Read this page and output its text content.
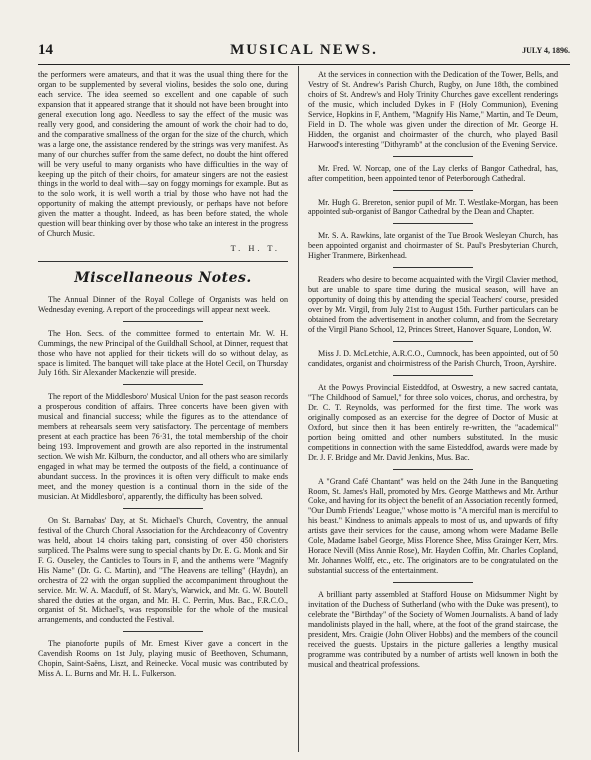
14	MUSICAL NEWS.	JULY 4, 1896.

the performers were amateurs, and that it was the usual thing there for the organ to be supplemented by several violins, besides the solo one, during each service. The idea seemed so excellent and one capable of such expansion that it appeared strange that it should not have been brought into general execution long ago. Needless to say the effect of the music was really very good, and considering the amount of work the choir had to do, and the comparative smallness of the organ for the size of the church, which was a large one, the assistance rendered by the strings was very manifest. As many of our churches suffer from the same defect, no doubt the hint offered will be very useful to many organists who have difficulties in the way of keeping up the pitch of their choirs, for amateur singers are not the easiest things in the world to deal with—say on foggy mornings for example. But as to the solo work, it is well worth a trial by those who have not had the opportunity of making the attempt previously, or perhaps have not before given the matter a thought. Indeed, as has been before stated, the whole question will bear thinking over by those who take an interest in the progress of Church Music.

T. H. T.
Miscellaneous Notes.

The Annual Dinner of the Royal College of Organists was held on Wednesday evening. A report of the proceedings will appear next week.

The Hon. Secs. of the committee formed to entertain Mr. W. H. Cummings, the new Principal of the Guildhall School, at Dinner, request that those who have not applied for their tickets will do so without delay, as space is limited. The banquet will take place at the Hotel Cecil, on Thursday July 16th. Sir Alexander Mackenzie will preside.

The report of the Middlesboro' Musical Union for the past season records a prosperous condition of affairs. Three concerts have been given with musical and financial success; while the figures as to the attendance of members at rehearsals seem very satisfactory. The percentage of members present at each practice has been 76·31, the total membership of the choir being 193. Improvement and growth are also reported in the instrumental section. We wish Mr. Kilburn, the conductor, and all others who are similarly engaged in what may be termed the outposts of the field, a continuance of abundant success. In the provinces it is often very difficult to make ends meet, and the money question is a continual thorn in the side of the musician. At Middlesboro', apparently, the difficulty has been solved.

On St. Barnabas' Day, at St. Michael's Church, Coventry, the annual festival of the Church Choral Association for the Archdeaconry of Coventry was held, about 14 choirs taking part, consisting of over 450 choristers surpliced. The Psalms were sung to special chants by Dr. E. G. Monk and Sir F. G. Ouseley, the Canticles to Tours in F, and the anthems were "Magnify His Name" (Dr. G. C. Martin), and "The Heavens are telling" (Haydn), an orchestra of 22 with the organ supplied the accompaniment throughout the service. Mr. W. A. Macduff, of St. Mary's, Warwick, and Mr. G. W. Boutell shared the duties at the organ, and Mr. H. C. Perrin, Mus. Bac., F.R.C.O., organist of St. Michael's, was responsible for the whole of the musical arrangements, and conducted the Festival.

The pianoforte pupils of Mr. Ernest Kiver gave a concert in the Cavendish Rooms on 1st July, playing music of Beethoven, Schumann, Chopin, Saint-Saëns, Liszt, and Reinecke. Vocal music was contributed by Miss A. L. Burns and Mr. H. L. Fulkerson.

At the services in connection with the Dedication of the Tower, Bells, and Vestry of St. Andrew's Parish Church, Rugby, on June 18th, the combined choirs of St. Andrew's and Holy Trinity Churches gave excellent renderings of the music, which included Dykes in F (Holy Communion), Evening Service, Hopkins in F, Anthem, "Magnify His Name," Martin, and Te Deum, Field in D. The whole was given under the direction of Mr. George H. Hidden, the organist and choirmaster of the church, who played Basil Harwood's interesting "Dithyramb" at the conclusion of the Evening Service.

Mr. Fred. W. Norcap, one of the Lay clerks of Bangor Cathedral, has, after competition, been appointed tenor of Peterborough Cathedral.

Mr. Hugh G. Brereton, senior pupil of Mr. T. Westlake-Morgan, has been appointed sub-organist of Bangor Cathedral by the Dean and Chapter.

Mr. S. A. Rawkins, late organist of the Tue Brook Wesleyan Church, has been appointed organist and choirmaster of St. Paul's Presbyterian Church, Higher Tranmere, Birkenhead.

Readers who desire to become acquainted with the Virgil Clavier method, but are unable to spare time during the musical season, will have an opportunity of doing this by attending the special Teachers' course, presided over by Mr. Virgil, from July 21st to August 15th. Further particulars can be obtained from the advertisement in another column, and from the Secretary of the Virgil Piano School, 12, Princes Street, Hanover Square, London, W.

Miss J. D. McLetchie, A.R.C.O., Cumnock, has been appointed, out of 50 candidates, organist and choirmistress of the Parish Church, Troon, Ayrshire.

At the Powys Provincial Eisteddfod, at Oswestry, a new sacred cantata, "The Childhood of Samuel," for three solo voices, chorus, and orchestra, by Dr. C. T. Reynolds, was performed for the first time. The work was originally composed as an exercise for the degree of Doctor of Music at Oxford, but since then it has been entirely re-written, the "academical" portion being omitted and other numbers substituted. In the music competitions in connection with the same Eisteddfod, awards were made by Dr. J. F. Bridge and Mr. David Jenkins, Mus. Bac.

A "Grand Café Chantant" was held on the 24th June in the Banqueting Room, St. James's Hall, promoted by Mrs. George Matthews and Mr. Arthur Coke, and having for its object the benefit of an Association recently formed, "Our Dumb Friends' League," whose motto is "A merciful man is merciful to his beast." Kindness to animals appeals to most of us, and upwards of fifty artists gave their services for the cause, among whom were Madame Belle Cole, Madame Isabel George, Miss Florence Shee, Miss Grainger Kerr, Mrs. Horace Nevill (Miss Annie Rose), Mr. Hayden Coffin, Mr. Charles Copland, Mr. Johannes Wolff, etc., etc. The originators are to be congratulated on the substantial success of the entertainment.

A brilliant party assembled at Stafford House on Midsummer Night by invitation of the Duchess of Sutherland (who with the Duke was present), to celebrate the "Birthday" of the Society of Women Journalists. A band of lady mandolinists played in the hall, where, at the foot of the grand staircase, the president, Mrs. Craigie (John Oliver Hobbs) and the members of the council received the guests. Upstairs in the picture galleries a lengthy musical programme was contributed by a number of artists well known in both the musical and theatrical professions.
